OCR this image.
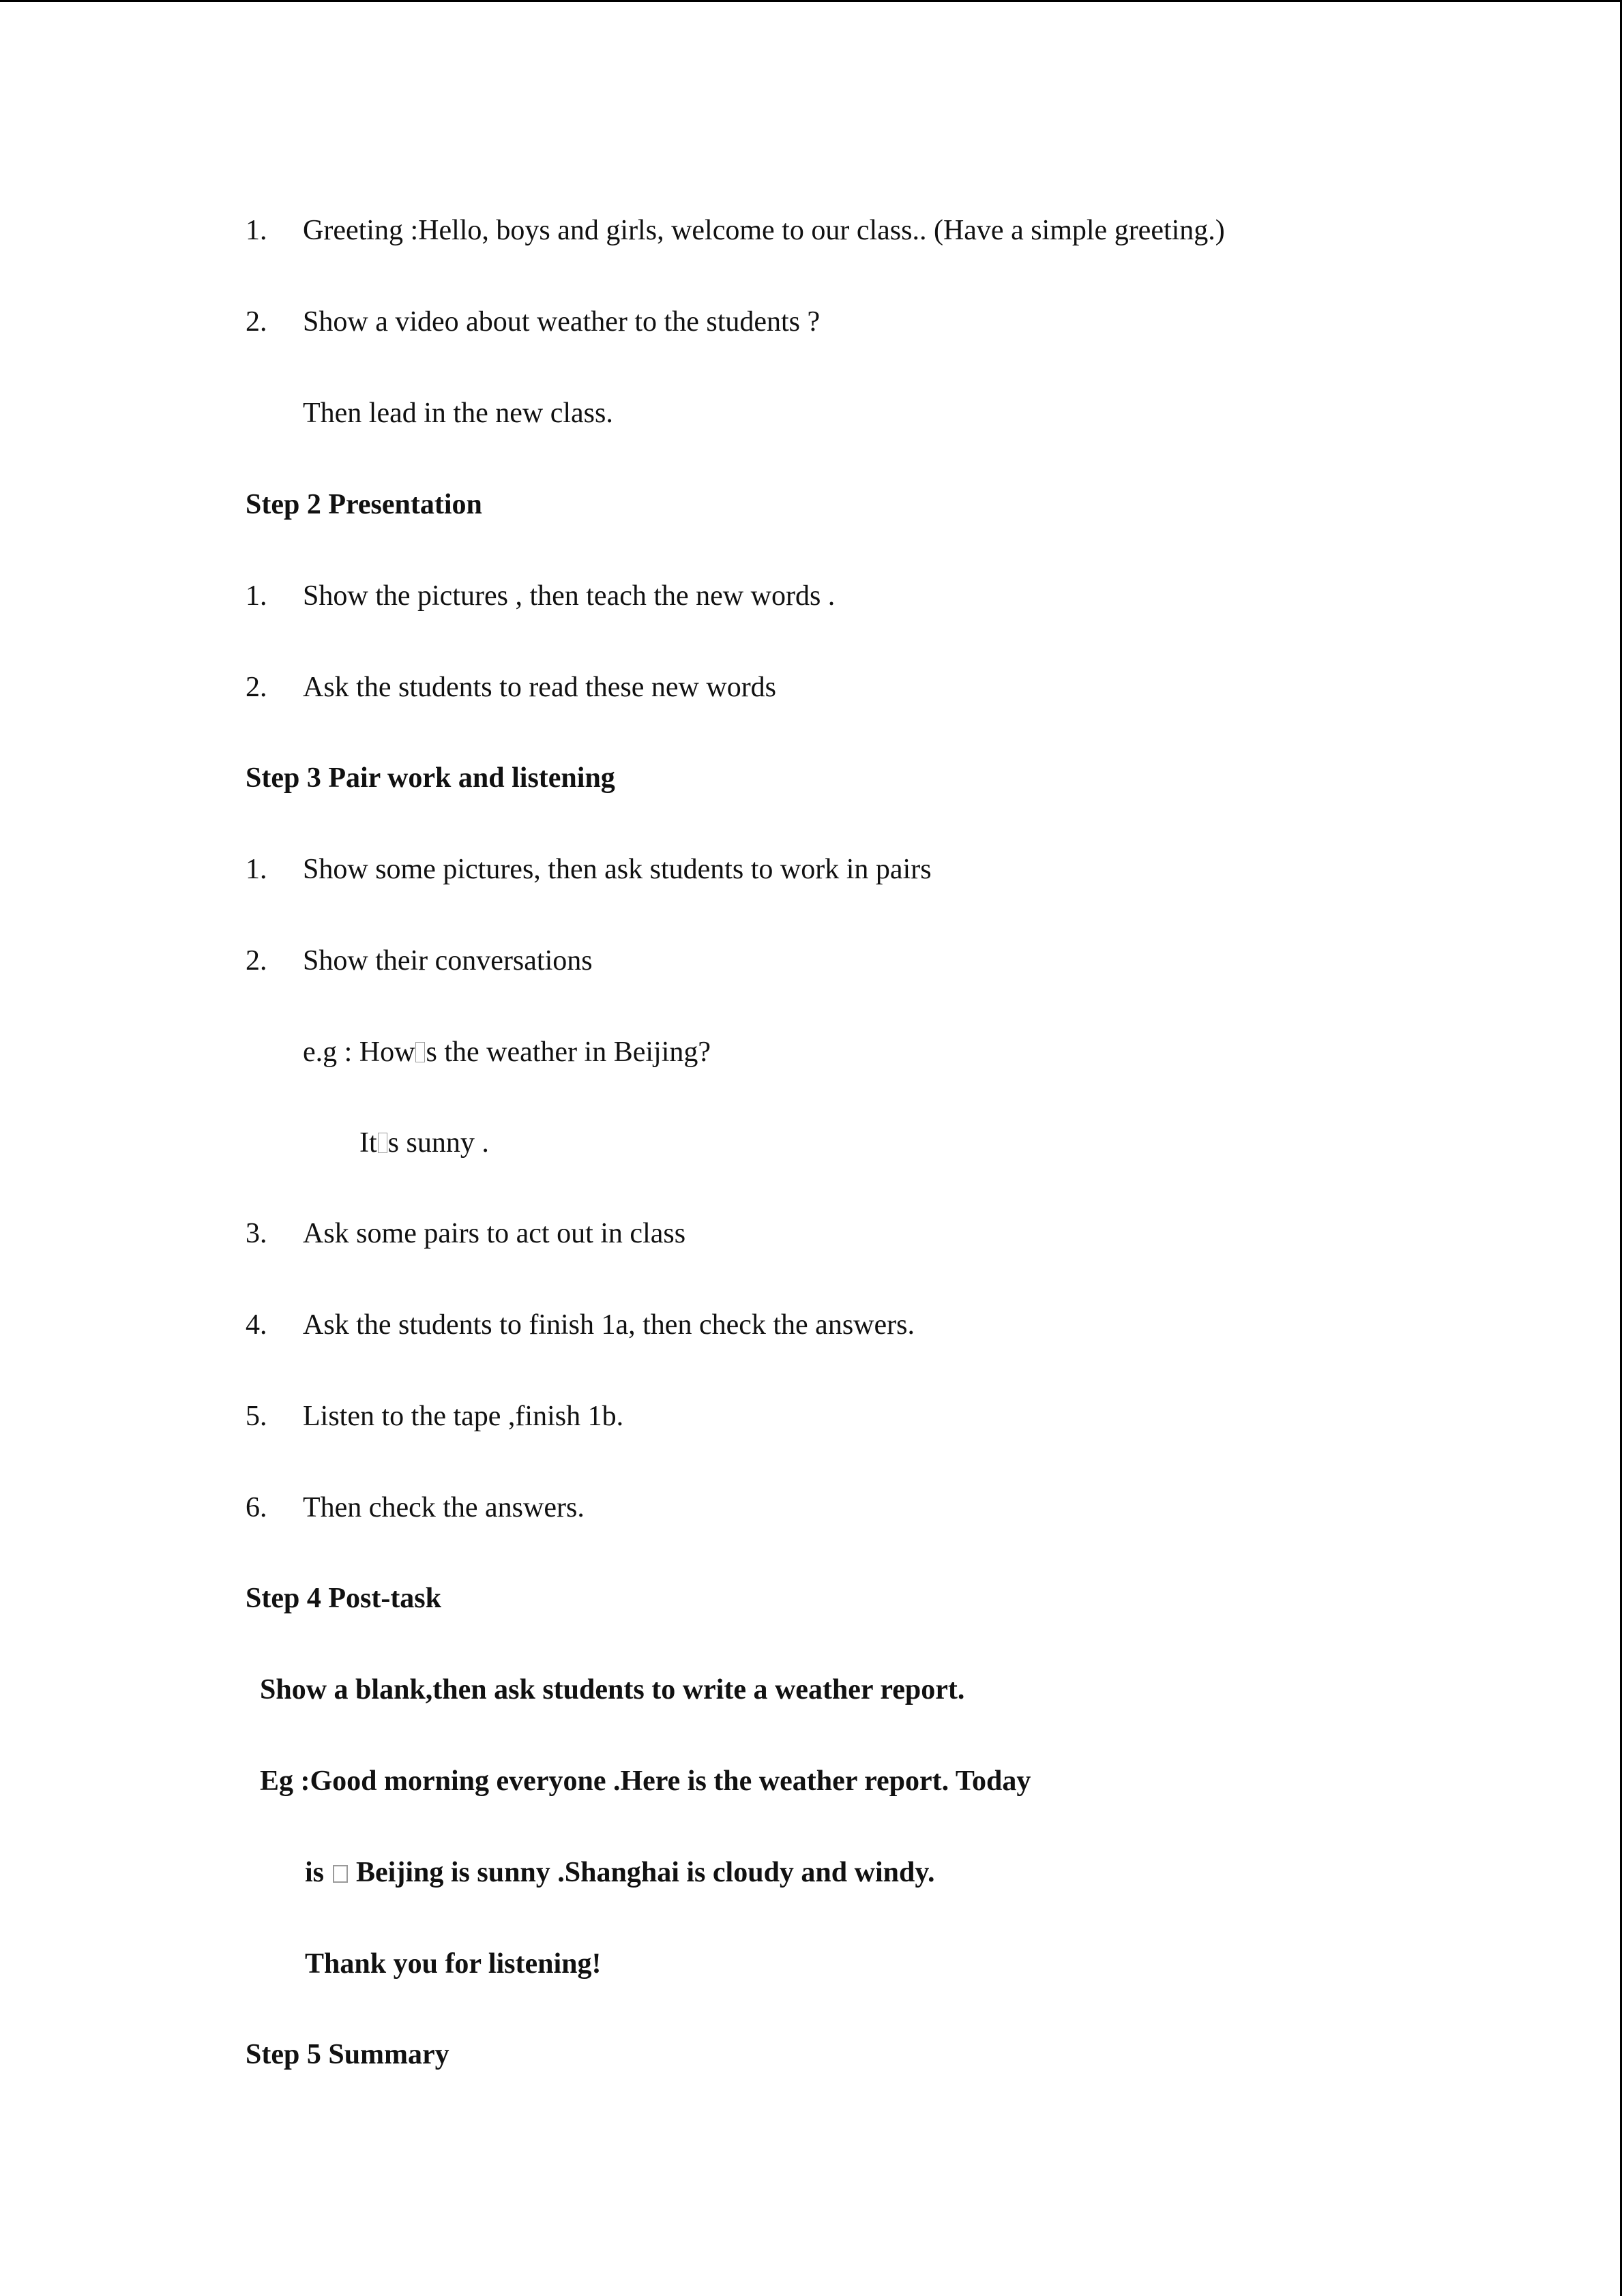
1. Greeting :Hello, boys and girls, welcome to our class.. (Have a simple greeting.)
2. Show a video about weather to the students ?
Then lead in the new class.
Step 2 Presentation
1. Show the pictures , then teach the new words .
2. Ask the students to read these new words
Step 3 Pair work and listening
1. Show some pictures, then ask students to work in pairs
2. Show their conversations
e.g : How s the weather in Beijing?
It s sunny .
3. Ask some pairs to act out in class
4. Ask the students to finish 1a, then check the answers.
5. Listen to the tape ,finish 1b.
6. Then check the answers.
Step 4 Post-task
Show a blank,then ask students to write a weather report.
Eg :Good morning everyone .Here is the weather report. Today
is Beijing is sunny .Shanghai is cloudy and windy.
Thank you for listening!
Step 5 Summary
